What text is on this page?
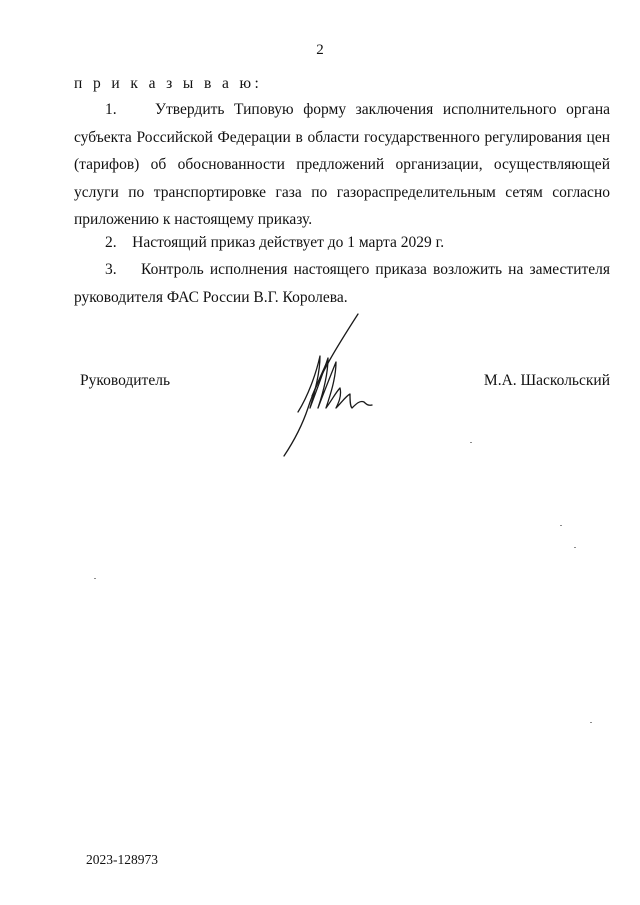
2
п р и к а з ы в а ю:

1. Утвердить Типовую форму заключения исполнительного органа субъекта Российской Федерации в области государственного регулирования цен (тарифов) об обоснованности предложений организации, осуществляющей услуги по транспортировке газа по газораспределительным сетям согласно приложению к настоящему приказу.

2. Настоящий приказ действует до 1 марта 2029 г.

3. Контроль исполнения настоящего приказа возложить на заместителя руководителя ФАС России В.Г. Королева.

Руководитель	М.А. Шаскольский
2023-128973
